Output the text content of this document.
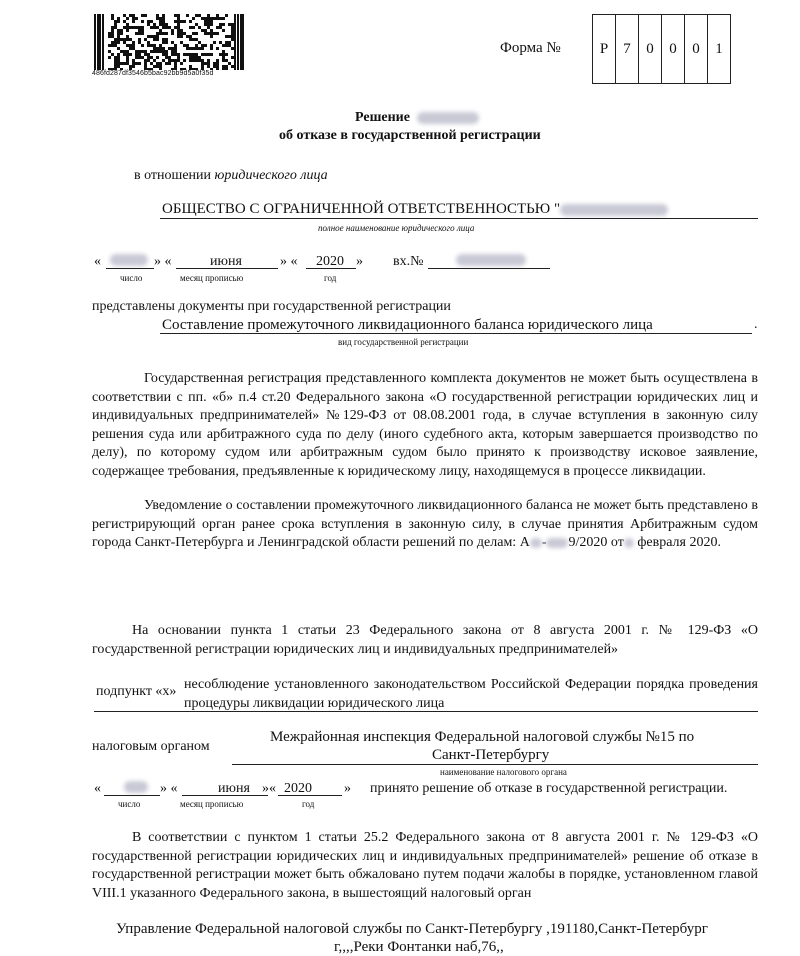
486fd287df3546b5bac92bb9d5a0f35d
Форма №	Р	7	0	0	0	1
Решение
об отказе в государственной регистрации
в отношении юридического лица
ОБЩЕСТВО С ОГРАНИЧЕННОЙ ОТВЕТСТВЕННОСТЬЮ "
полное наименование юридического лица
«	» «	июня	» « 2020 » вх.№
число	месяц прописью	год
представлены документы при государственной регистрации
Составление промежуточного ликвидационного баланса юридического лица	.
вид государственной регистрации
Государственная регистрация представленного комплекта документов не может быть осуществлена в соответствии с пп. «б» п.4 ст.20 Федерального закона «О государственной регистрации юридических лиц и индивидуальных предпринимателей» №129-ФЗ от 08.08.2001 года, в случае вступления в законную силу решения суда или арбитражного суда по делу (иного судебного акта, которым завершается производство по делу), по которому судом или арбитражным судом было принято к производству исковое заявление, содержащее требования, предъявленные к юридическому лицу, находящемуся в процессе ликвидации.
Уведомление о составлении промежуточного ликвидационного баланса не может быть представлено в регистрирующий орган ранее срока вступления в законную силу, в случае принятия Арбитражным судом города Санкт-Петербурга и Ленинградской области решений по делам: А - 9/2020 от февраля 2020.
На основании пункта 1 статьи 23 Федерального закона от 8 августа 2001 г. № 129-ФЗ «О государственной регистрации юридических лиц и индивидуальных предпринимателей»
подпункт «х» несоблюдение установленного законодательством Российской Федерации порядка проведения процедуры ликвидации юридического лица
налоговым органом
Межрайонная инспекция Федеральной налоговой службы №15 по
Санкт-Петербургу
наименование налогового органа
«	» «	июня »« 2020 » принято решение об отказе в государственной регистрации.
число	месяц прописью	год
В соответствии с пунктом 1 статьи 25.2 Федерального закона от 8 августа 2001 г. № 129-ФЗ «О государственной регистрации юридических лиц и индивидуальных предпринимателей» решение об отказе в государственной регистрации может быть обжаловано путем подачи жалобы в порядке, установленном главой VIII.1 указанного Федерального закона, в вышестоящий налоговый орган
Управление Федеральной налоговой службы по Санкт-Петербургу ,191180,Санкт-Петербург
г,,,,Реки Фонтанки наб,76,,
